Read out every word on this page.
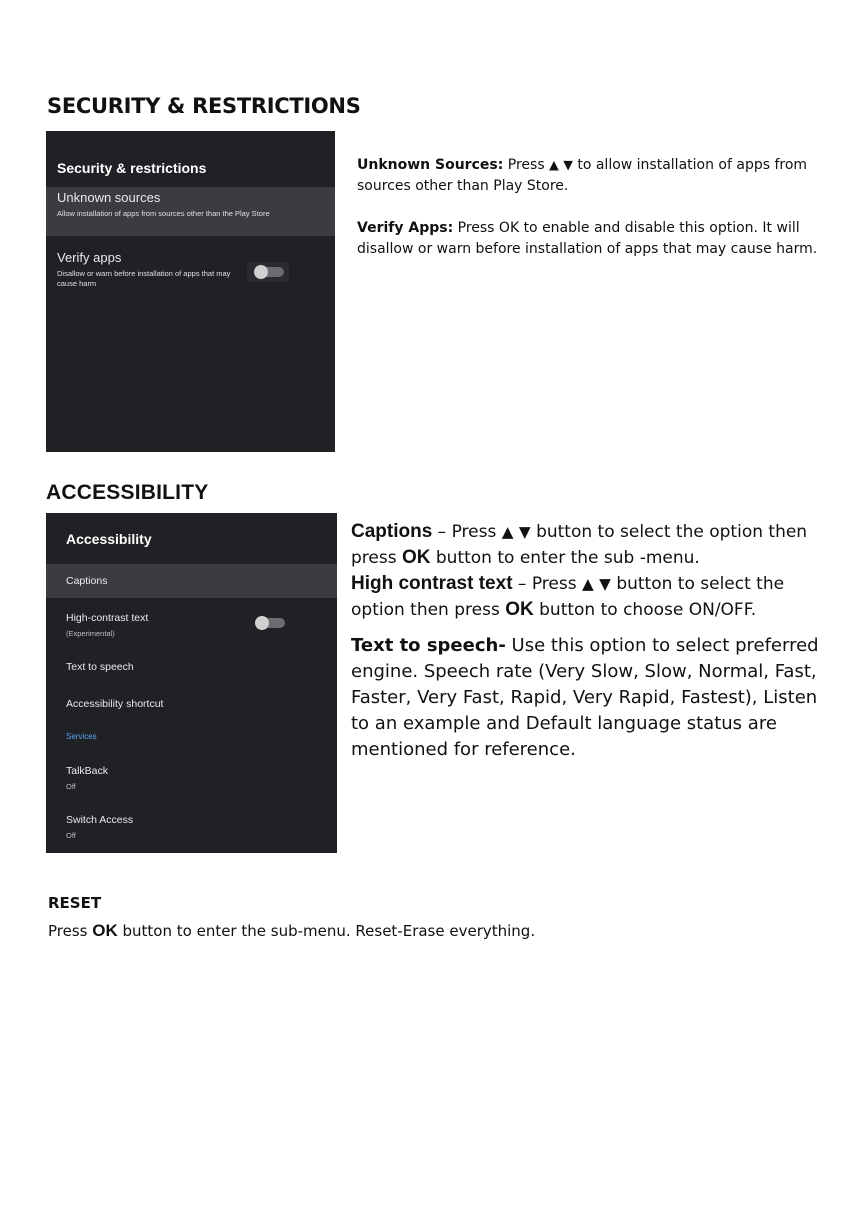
SECURITY & RESTRICTIONS
Security & restrictions
Unknown sources
Allow installation of apps from sources other than the Play Store
Verify apps
Disallow or warn before installation of apps that may cause harm

Unknown Sources: Press ▲ ▼ to allow installation of apps from sources other than Play Store.

Verify Apps: Press OK to enable and disable this option. It will disallow or warn before installation of apps that may cause harm.

ACCESSIBILITY
Accessibility
Captions
High-contrast text
(Experimental)
Text to speech
Accessibility shortcut
Services
TalkBack
Off
Switch Access
Off

Captions – Press ▲ ▼ button to select the option then press OK button to enter the sub -menu.

High contrast text – Press ▲ ▼ button to select the option then press OK button to choose ON/OFF.

Text to speech- Use this option to select preferred engine. Speech rate (Very Slow, Slow, Normal, Fast, Faster, Very Fast, Rapid, Very Rapid, Fastest), Listen to an example and Default language status are mentioned for reference.

RESET
Press OK button to enter the sub-menu. Reset-Erase everything.
